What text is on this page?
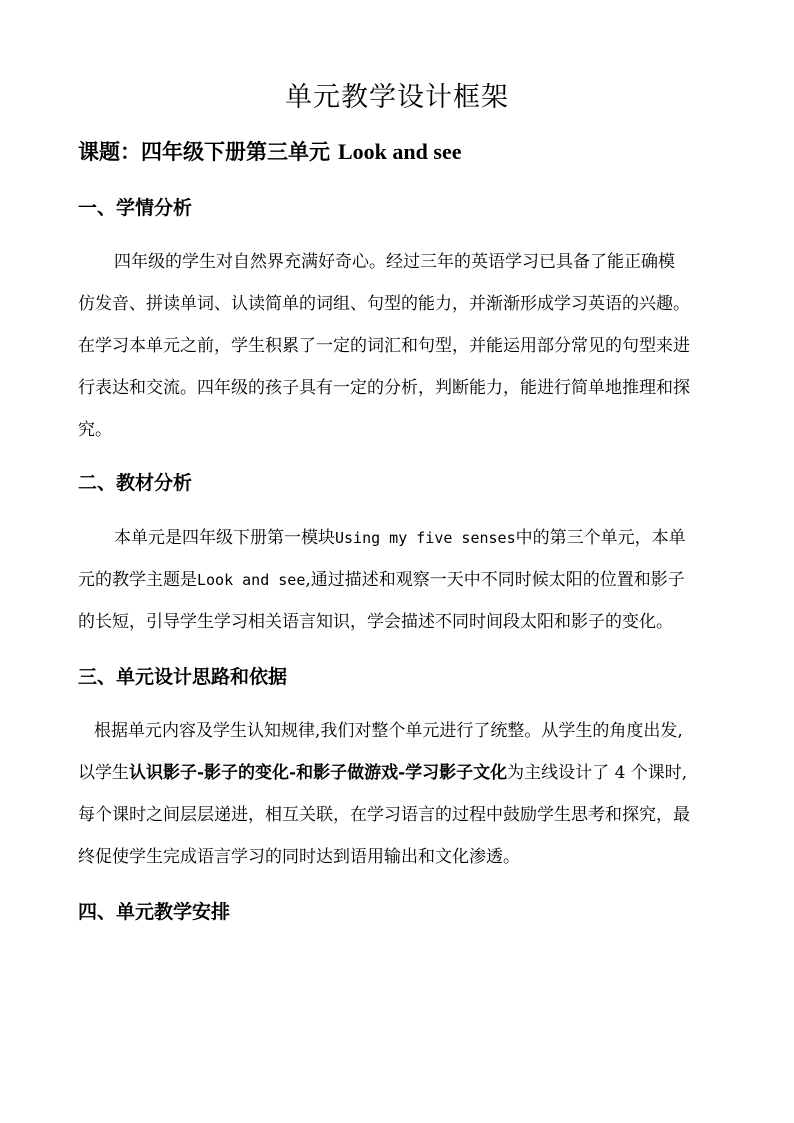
单元教学设计框架
课题：四年级下册第三单元 Look and see
一、学情分析
四年级的学生对自然界充满好奇心。经过三年的英语学习已具备了能正确模
仿发音、拼读单词、认读简单的词组、句型的能力，并渐渐形成学习英语的兴趣。
在学习本单元之前，学生积累了一定的词汇和句型，并能运用部分常见的句型来进
行表达和交流。四年级的孩子具有一定的分析，判断能力，能进行简单地推理和探
究。
二、教材分析
本单元是四年级下册第一模块Using my five senses中的第三个单元，本单
元的教学主题是Look and see,通过描述和观察一天中不同时候太阳的位置和影子
的长短，引导学生学习相关语言知识，学会描述不同时间段太阳和影子的变化。
三、单元设计思路和依据
根据单元内容及学生认知规律,我们对整个单元进行了统整。从学生的角度出发,
以学生认识影子-影子的变化-和影子做游戏-学习影子文化为主线设计了 4 个课时,
每个课时之间层层递进，相互关联，在学习语言的过程中鼓励学生思考和探究，最
终促使学生完成语言学习的同时达到语用输出和文化渗透。
四、单元教学安排
